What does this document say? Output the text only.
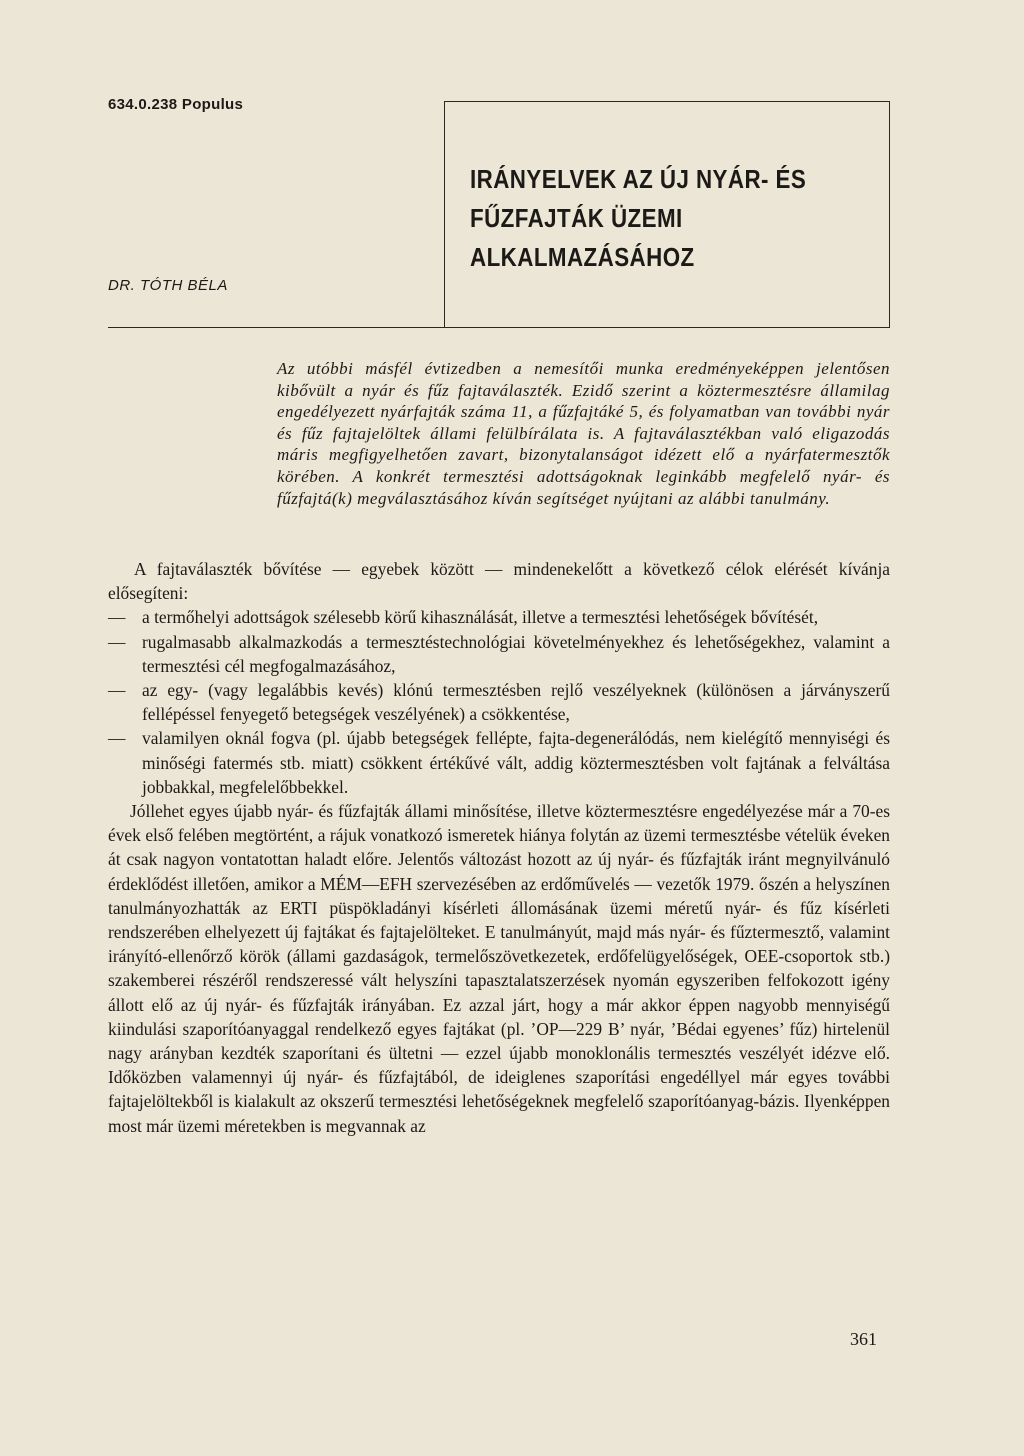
634.0.238 Populus
DR. TÓTH BÉLA
IRÁNYELVEK AZ ÚJ NYÁR- ÉS
FŰZFAJTÁK ÜZEMI
ALKALMAZÁSÁHOZ
Az utóbbi másfél évtizedben a nemesítői munka eredményeképpen jelentősen kibővült a nyár és fűz fajtaválaszték. Ezidő szerint a köztermesztésre államilag engedélyezett nyárfajták száma 11, a fűzfajtáké 5, és folyamatban van további nyár és fűz fajtajelöltek állami felülbírálata is. A fajtaválasztékban való eligazodás máris megfigyelhetően zavart, bizonytalanságot idézett elő a nyárfatermesztők körében. A konkrét termesztési adottságoknak leginkább megfelelő nyár- és fűzfajtá(k) megválasztásához kíván segítséget nyújtani az alábbi tanulmány.

A fajtaválaszték bővítése — egyebek között — mindenekelőtt a következő célok elérését kívánja elősegíteni:

— a termőhelyi adottságok szélesebb körű kihasználását, illetve a termesztési lehetőségek bővítését,
— rugalmasabb alkalmazkodás a termesztéstechnológiai követelményekhez és lehetőségekhez, valamint a termesztési cél megfogalmazásához,
— az egy- (vagy legalábbis kevés) klónú termesztésben rejlő veszélyeknek (különösen a járványszerű fellépéssel fenyegető betegségek veszélyének) a csökkentése,
— valamilyen oknál fogva (pl. újabb betegségek fellépte, fajta-degenerálódás, nem kielégítő mennyiségi és minőségi fatermés stb. miatt) csökkent értékűvé vált, addig köztermesztésben volt fajtának a felváltása jobbakkal, megfelelőbbekkel.

Jóllehet egyes újabb nyár- és fűzfajták állami minősítése, illetve köztermesztésre engedélyezése már a 70-es évek első felében megtörtént, a rájuk vonatkozó ismeretek hiánya folytán az üzemi termesztésbe vételük éveken át csak nagyon vontatottan haladt előre. Jelentős változást hozott az új nyár- és fűzfajták iránt megnyilvánuló érdeklődést illetően, amikor a MÉM—EFH szervezésében az erdőművelés — vezetők 1979. őszén a helyszínen tanulmányozhatták az ERTI püspökladányi kísérleti állomásának üzemi méretű nyár- és fűz kísérleti rendszerében elhelyezett új fajtákat és fajtajelölteket. E tanulmányút, majd más nyár- és fűztermesztő, valamint irányító-ellenőrző körök (állami gazdaságok, termelőszövetkezetek, erdőfelügyelőségek, OEE-csoportok stb.) szakemberei részéről rendszeressé vált helyszíni tapasztalatszerzések nyomán egyszeriben felfokozott igény állott elő az új nyár- és fűzfajták irányában. Ez azzal járt, hogy a már akkor éppen nagyobb mennyiségű kiindulási szaporítóanyaggal rendelkező egyes fajtákat (pl. ’OP—229 B’ nyár, ’Bédai egyenes’ fűz) hirtelenül nagy arányban kezdték szaporítani és ültetni — ezzel újabb monoklonális termesztés veszélyét idézve elő. Időközben valamennyi új nyár- és fűzfajtából, de ideiglenes szaporítási engedéllyel már egyes további fajtajelöltekből is kialakult az okszerű termesztési lehetőségeknek megfelelő szaporítóanyag-bázis. Ilyenképpen most már üzemi méretekben is megvannak az

361
